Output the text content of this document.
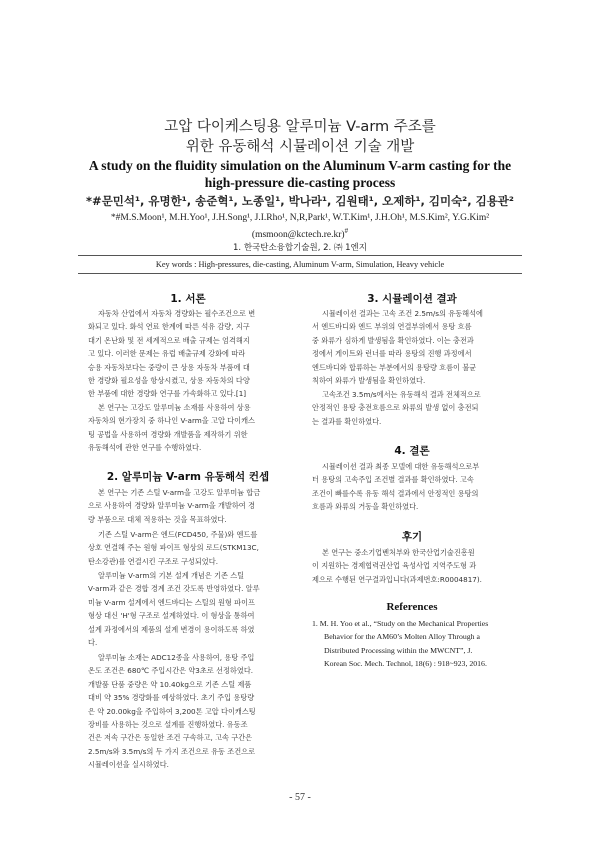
고압 다이케스팅용 알루미늄 V-arm 주조를
위한 유동해석 시뮬레이션 기술 개발
A study on the fluidity simulation on the Aluminum V-arm casting for the
high-pressure die-casting process
*#문민석¹, 유명한¹, 송준혁¹, 노종일¹, 박나라¹, 김원태¹, 오제하¹, 김미숙², 김용관²
*#M.S.Moon¹, M.H.Yoo¹, J.H.Song¹, J.I.Rho¹, N,R,Park¹, W.T.Kim¹, J.H.Oh¹, M.S.Kim², Y.G.Kim²
(msmoon@kctech.re.kr)#
1. 한국탄소융합기술원, 2. ㈜ 1엔지
Key words : High-pressures, die-casting, Aluminum V-arm, Simulation, Heavy vehicle
1. 서론
자동차 산업에서 자동차 경량화는 필수조건으로 변
화되고 있다. 화석 연료 한계에 따른 석유 감량, 지구
대기 온난화 및 전 세계적으로 배출 규제는 엄격해지
고 있다. 이러한 문제는 유럽 배출규제 강화에 따라
승용 자동차보다는 중량이 큰 상용 자동차 부품에 대
한 경량화 필요성을 항상시켰고, 상용 자동차의 다양
한 부품에 대한 경량화 연구를 가속화하고 있다.[1]
본 연구는 고강도 알루미늄 소재를 사용하여 상용
자동차의 현가장치 중 하나인 V-arm을 고압 다이캐스
팅 공법을 사용하여 경량화 개발품을 제작하기 위한
유동해석에 관한 연구를 수행하였다.
2. 알루미늄 V-arm 유동해석 컨셉
본 연구는 기존 스틸 V-arm을 고강도 알루미늄 합금
으로 사용하여 경량화 알루미늄 V-arm을 개발하여 경
량 부품으로 대체 적용하는 것을 목표하였다.
기존 스틸 V-arm은 엔드(FCD450, 주물)와 엔드를
상호 연결해 주는 원형 파이프 형상의 로드(STKM13C,
탄소강관)를 연결시킨 구조로 구성되었다.
알루미늄 V-arm의 기본 설계 개념은 기존 스틸
V-arm과 같은 경합 경계 조건 갓도록 반영하였다. 알루
미늄 V-arm 설계에서 엔드바디는 스틸의 원형 파이프
형상 대신 'H'형 구조로 설계하였다. 이 형상을 통하여
설계 과정에서의 제품의 설계 변경이 용이하도록 하였
다.
알루미늄 소재는 ADC12종을 사용하여, 용탕 주입
온도 조건은 680℃ 주입시간은 약3초로 선정하였다.
개발품 단품 중량은 약 10.40kg으로 기존 스틸 제품
대비 약 35% 경량화를 예상하였다. 초기 주입 용탕량
은 약 20.00kg을 주입하여 3,200톤 고압 다이캐스팅
장비를 사용하는 것으로 설계를 진행하였다. 유동조
건은 저속 구간은 동일한 조건 구속하고, 고속 구간은
2.5m/s와 3.5m/s의 두 가지 조건으로 유동 조건으로
시뮬레이션을 실시하였다.
3. 시뮬레이션 결과
시뮬레이션 결과는 고속 조건 2.5m/s의 유동해석에
서 엔드바디와 엔드 부위의 연결부위에서 용탕 흐름
중 와류가 심하게 발생됨을 확인하였다. 이는 충전과
정에서 게이트와 런너를 따라 용탕의 진행 과정에서
엔드바디와 합류하는 부분에서의 용탕량 흐름이 불균
칙하여 와류가 발생됨을 확인하였다.
고속조건 3.5m/s에서는 유동해석 결과 전체적으로
안정적인 용탕 충전흐름으로 와류의 발생 없이 충전되
는 결과를 확인하였다.
4. 결론
시뮬레이션 결과 최종 모델에 대한 유동해석으로부
터 용탕의 고속주입 조건별 결과를 확인하였다. 고속
조건이 빠를수록 유동 해석 결과에서 안정적인 용탕의
흐름과 와류의 거동을 확인하였다.
후기
본 연구는 중소기업벤처부와 한국산업기술진흥원
이 지원하는 경제협력권산업 육성사업 지역주도형 과
제으로 수행된 연구결과입니다(과제번호:R0004817).
References
1. M. H. Yoo et al., “Study on the Mechanical Properties
Behavior for the AM60’s Molten Alloy Through a
Distributed Processing within the MWCNT”, J.
Korean Soc. Mech. Technol, 18(6) : 918~923, 2016.
- 57 -
